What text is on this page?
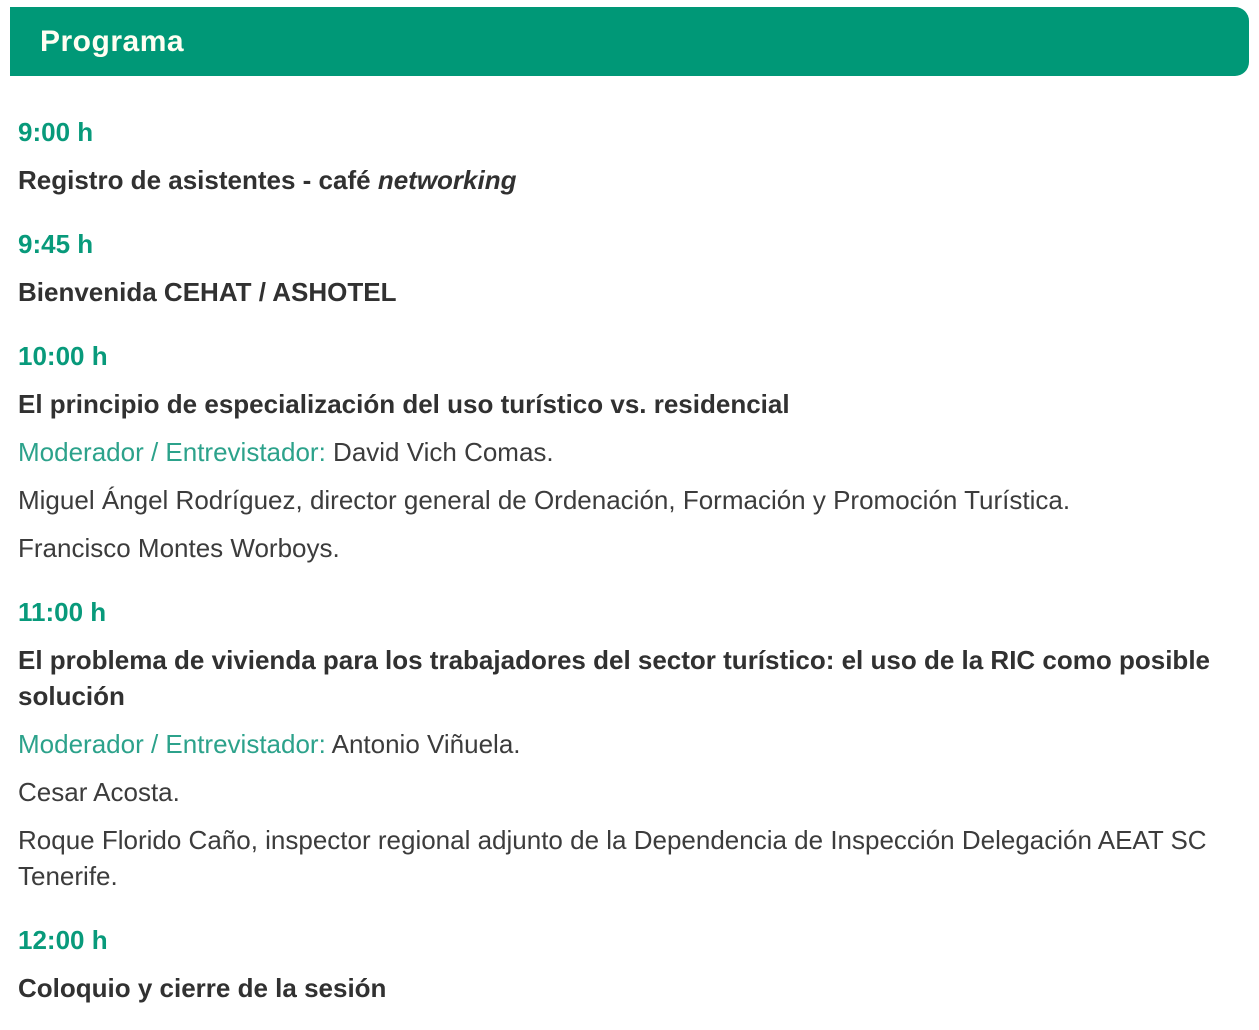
Programa

9:00 h

Registro de asistentes - café networking

9:45 h

Bienvenida CEHAT / ASHOTEL

10:00 h

El principio de especialización del uso turístico vs. residencial

Moderador / Entrevistador: David Vich Comas.

Miguel Ángel Rodríguez, director general de Ordenación, Formación y Promoción Turística.

Francisco Montes Worboys.

11:00 h

El problema de vivienda para los trabajadores del sector turístico: el uso de la RIC como posible solución

Moderador / Entrevistador: Antonio Viñuela.

Cesar Acosta.

Roque Florido Caño, inspector regional adjunto de la Dependencia de Inspección Delegación AEAT SC Tenerife.

12:00 h

Coloquio y cierre de la sesión
